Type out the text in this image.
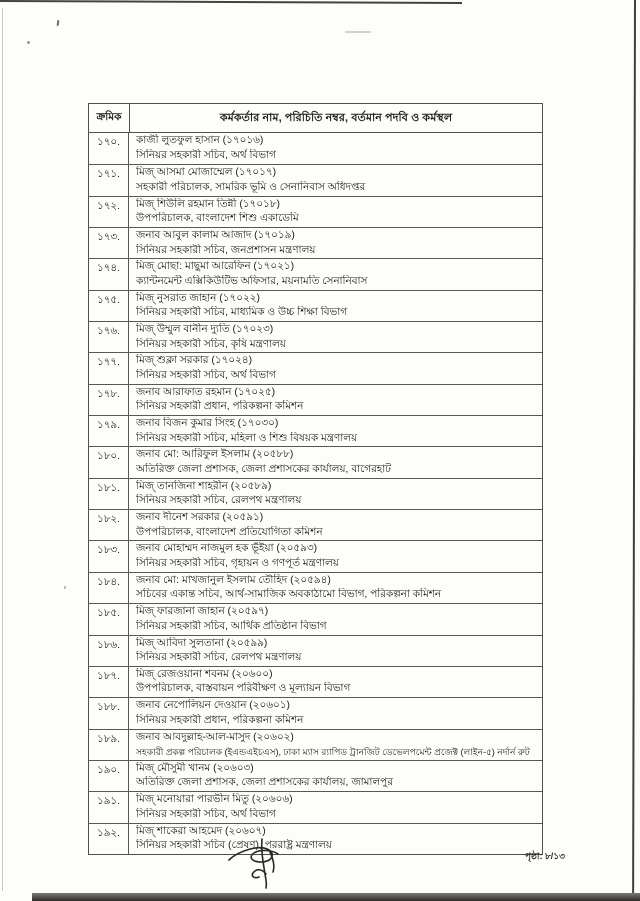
ক্রমিক	কর্মকর্তার নাম, পরিচিতি নম্বর, বর্তমান পদবি ও কর্মস্থল
১৭০.	কাজী লুতফুল হাসান (১৭০১৬)
সিনিয়র সহকারী সচিব, অর্থ বিভাগ
১৭১.	মিজ্‌ আসমা মোজাম্মেল (১৭০১৭)
সহকারী পরিচালক, সামরিক ভূমি ও সেনানিবাস অধিদপ্তর
১৭২.	মিজ্‌ শিউলি রহমান তিন্নী (১৭০১৮)
উপপরিচালক, বাংলাদেশ শিশু একাডেমি
১৭৩.	জনাব আবুল কালাম আজাদ (১৭০১৯)
সিনিয়র সহকারী সচিব, জনপ্রশাসন মন্ত্রণালয়
১৭৪.	মিজ্‌ মোছা: মাছুমা আরেফিন (১৭০২১)
ক্যান্টনমেন্ট এক্সিকিউটিভ অফিসার, ময়নামতি সেনানিবাস
১৭৫.	মিজ্‌ নুসরাত জাহান (১৭০২২)
সিনিয়র সহকারী সচিব, মাধ্যমিক ও উচ্চ শিক্ষা বিভাগ
১৭৬.	মিজ্‌ উম্মুল বানীন দ্যুতি (১৭০২৩)
সিনিয়র সহকারী সচিব, কৃষি মন্ত্রণালয়
১৭৭.	মিজ্‌ শুক্লা সরকার (১৭০২৪)
সিনিয়র সহকারী সচিব, অর্থ বিভাগ
১৭৮.	জনাব আরাফাত রহমান (১৭০২৫)
সিনিয়র সহকারী প্রধান, পরিকল্পনা কমিশন
১৭৯.	জনাব বিজন কুমার সিংহ (১৭০৩০)
সিনিয়র সহকারী সচিব, মহিলা ও শিশু বিষয়ক মন্ত্রণালয়
১৮০.	জনাব মো: আরিফুল ইসলাম (২০৫৮৮)
অতিরিক্ত জেলা প্রশাসক, জেলা প্রশাসকের কার্যালয়, বাগেরহাট
১৮১.	মিজ্‌ তানজিনা শাহরীন (২০৫৮৯)
সিনিয়র সহকারী সচিব, রেলপথ মন্ত্রণালয়
১৮২.	জনাব দীনেশ সরকার (২০৫৯১)
উপপরিচালক, বাংলাদেশ প্রতিযোগিতা কমিশন
১৮৩.	জনাব মোহাম্মদ নাজমুল হক ভূঁইয়া (২০৫৯৩)
সিনিয়র সহকারী সচিব, গৃহায়ন ও গণপূর্ত মন্ত্রণালয়
১৮৪.	জনাব মো: মাখজানুল ইসলাম তৌহিদ (২০৫৯৪)
সচিবের একান্ত সচিব, আর্থ-সামাজিক অবকাঠামো বিভাগ, পরিকল্পনা কমিশন
১৮৫.	মিজ্‌ ফারজানা জাহান (২০৫৯৭)
সিনিয়র সহকারী সচিব, আর্থিক প্রতিষ্ঠান বিভাগ
১৮৬.	মিজ্‌ আবিদা সুলতানা (২০৫৯৯)
সিনিয়র সহকারী সচিব, রেলপথ মন্ত্রণালয়
১৮৭.	মিজ্‌ রেজওয়ানা শবনম (২০৬০০)
উপপরিচালক, বাস্তবায়ন পরিবীক্ষণ ও মূল্যায়ন বিভাগ
১৮৮.	জনাব নেপোলিয়ন দেওয়ান (২০৬০১)
সিনিয়র সহকারী প্রধান, পরিকল্পনা কমিশন
১৮৯.	জনাব আবদুল্লাহ-আল-মাসুদ (২০৬০২)
সহকারী প্রকল্প পরিচালক (ইএন্ডএইচএস), ঢাকা ম্যাস র‍্যাপিড ট্রানজিট ডেভেলপমেন্ট প্রজেক্ট (লাইন-৫) নর্দার্ন রুট
১৯০.	মিজ্‌ মৌসুমী খানম (২০৬০৩)
অতিরিক্ত জেলা প্রশাসক, জেলা প্রশাসকের কার্যালয়, জামালপুর
১৯১.	মিজ্‌ মনোয়ারা পারভীন মিতু (২০৬০৬)
সিনিয়র সহকারী সচিব, অর্থ বিভাগ
১৯২.	মিজ্‌ শাকেরা আহমেদ (২০৬০৭)
সিনিয়র সহকারী সচিব (প্রেষণ), পররাষ্ট্র মন্ত্রণালয়
পৃষ্ঠা: ৮/১৩
